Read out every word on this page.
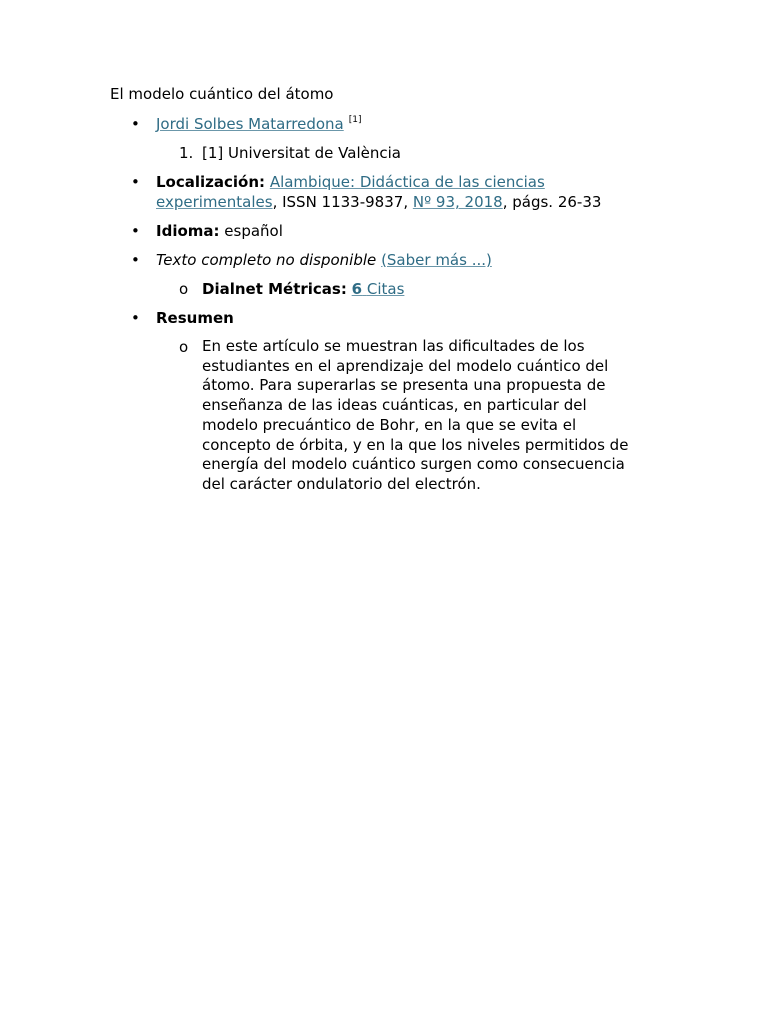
El modelo cuántico del átomo
• Jordi Solbes Matarredona [1]
1. [1] Universitat de València
• Localización: Alambique: Didáctica de las ciencias experimentales, ISSN 1133-9837, Nº 93, 2018, págs. 26-33
• Idioma: español
• Texto completo no disponible (Saber más ...)
o Dialnet Métricas: 6 Citas
• Resumen
o En este artículo se muestran las dificultades de los estudiantes en el aprendizaje del modelo cuántico del átomo. Para superarlas se presenta una propuesta de enseñanza de las ideas cuánticas, en particular del modelo precuántico de Bohr, en la que se evita el concepto de órbita, y en la que los niveles permitidos de energía del modelo cuántico surgen como consecuencia del carácter ondulatorio del electrón.
